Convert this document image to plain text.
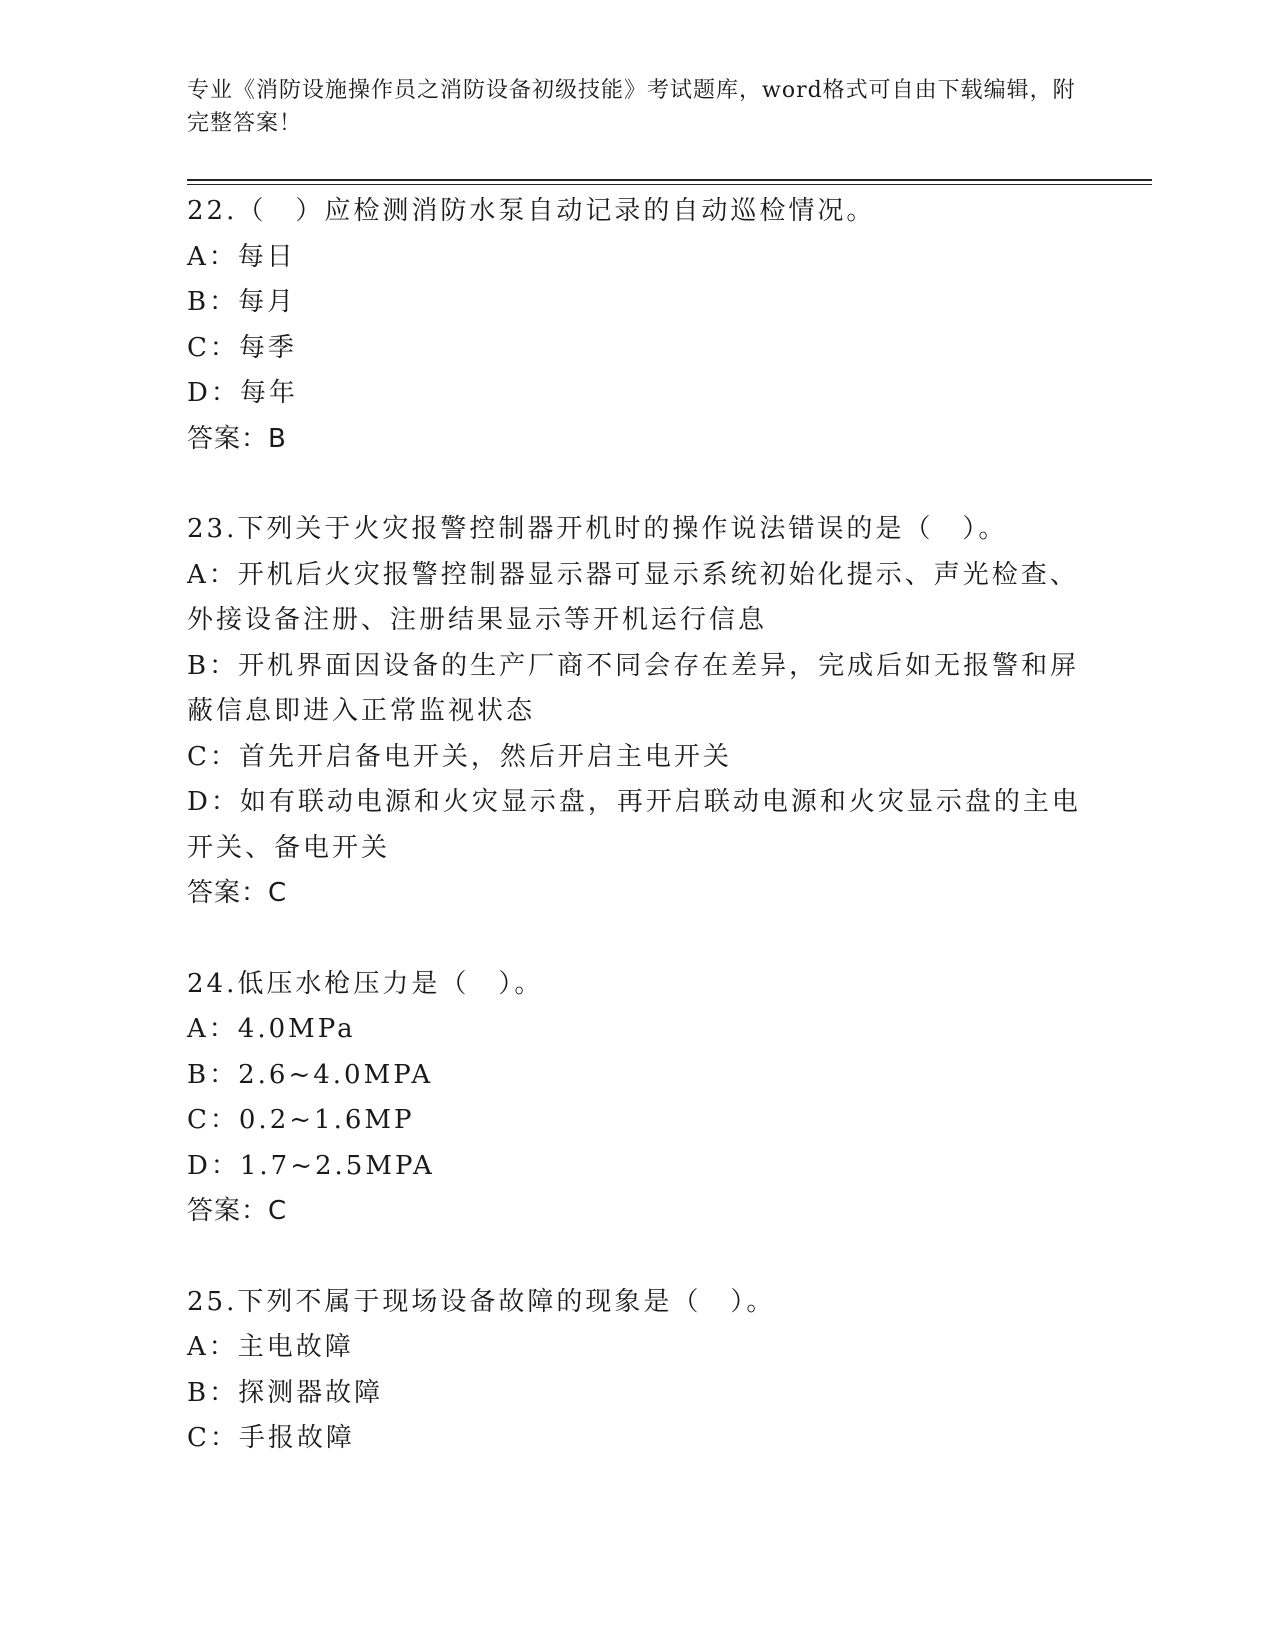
专业《消防设施操作员之消防设备初级技能》考试题库，word格式可自由下载编辑，附完整答案！

22.（　）应检测消防水泵自动记录的自动巡检情况。

A：每日

B：每月

C：每季

D：每年

答案：B

23.下列关于火灾报警控制器开机时的操作说法错误的是（　）。

A：开机后火灾报警控制器显示器可显示系统初始化提示、声光检查、外接设备注册、注册结果显示等开机运行信息

B：开机界面因设备的生产厂商不同会存在差异，完成后如无报警和屏蔽信息即进入正常监视状态

C：首先开启备电开关，然后开启主电开关

D：如有联动电源和火灾显示盘，再开启联动电源和火灾显示盘的主电开关、备电开关

答案：C

24.低压水枪压力是（　）。

A：4.0MPa

B：2.6~4.0MPA

C：0.2~1.6MP

D：1.7~2.5MPA

答案：C

25.下列不属于现场设备故障的现象是（　）。

A：主电故障

B：探测器故障

C：手报故障
